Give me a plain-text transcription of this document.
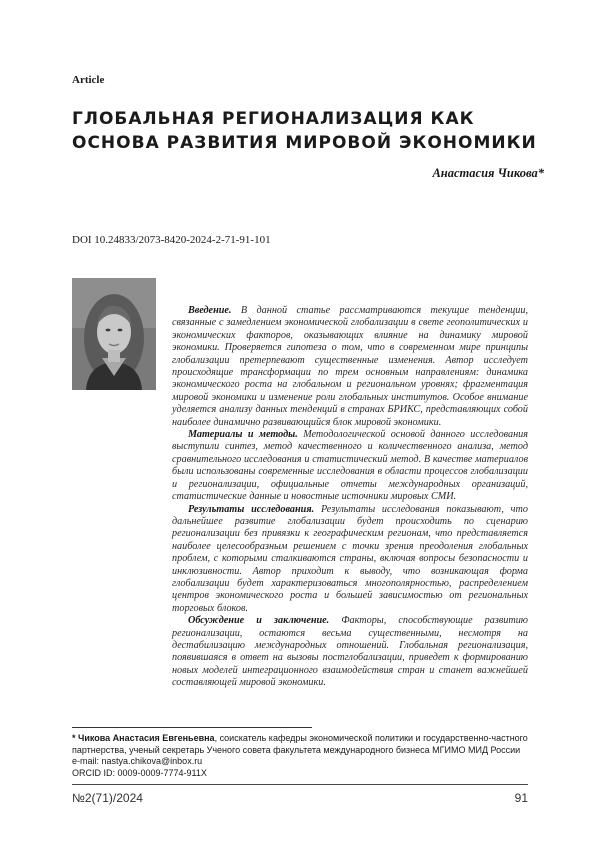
Article
ГЛОБАЛЬНАЯ РЕГИОНАЛИЗАЦИЯ КАК
ОСНОВА РАЗВИТИЯ МИРОВОЙ ЭКОНОМИКИ
Анастасия Чикова*
DOI 10.24833/2073-8420-2024-2-71-91-101

Введение. В данной статье рассматриваются текущие тенденции, связанные с замедлением экономической глобализации в свете геополитических и экономических факторов, оказывающих влияние на динамику мировой экономики. Проверяется гипотеза о том, что в современном мире принципы глобализации претерпевают существенные изменения. Автор исследует происходящие трансформации по трем основным направлениям: динамика экономического роста на глобальном и региональном уровнях; фрагментация мировой экономики и изменение роли глобальных институтов. Особое внимание уделяется анализу данных тенденций в странах БРИКС, представляющих собой наиболее динамично развивающийся блок мировой экономики.

Материалы и методы. Методологической основой данного исследования выступили синтез, метод качественного и количественного анализа, метод сравнительного исследования и статистический метод. В качестве материалов были использованы современные исследования в области процессов глобализации и регионализации, официальные отчеты международных организаций, статистические данные и новостные источники мировых СМИ.

Результаты исследования. Результаты исследования показывают, что дальнейшее развитие глобализации будет происходить по сценарию регионализации без привязки к географическим регионам, что представляется наиболее целесообразным решением с точки зрения преодоления глобальных проблем, с которыми сталкиваются страны, включая вопросы безопасности и инклюзивности. Автор приходит к выводу, что возникающая форма глобализации будет характеризоваться многополярностью, распределением центров экономического роста и большей зависимостью от региональных торговых блоков.

Обсуждение и заключение. Факторы, способствующие развитию регионализации, остаются весьма существенными, несмотря на дестабилизацию международных отношений. Глобальная регионализация, появившаяся в ответ на вызовы постглобализации, приведет к формированию новых моделей интеграционного взаимодействия стран и станет важнейшей составляющей мировой экономики.

* Чикова Анастасия Евгеньевна, соискатель кафедры экономической политики и государственно-частного партнерства, ученый секретарь Ученого совета факультета международного бизнеса МГИМО МИД России

e-mail: nastya.chikova@inbox.ru

ORCID ID: 0009-0009-7774-911X

№2(71)/2024	91
